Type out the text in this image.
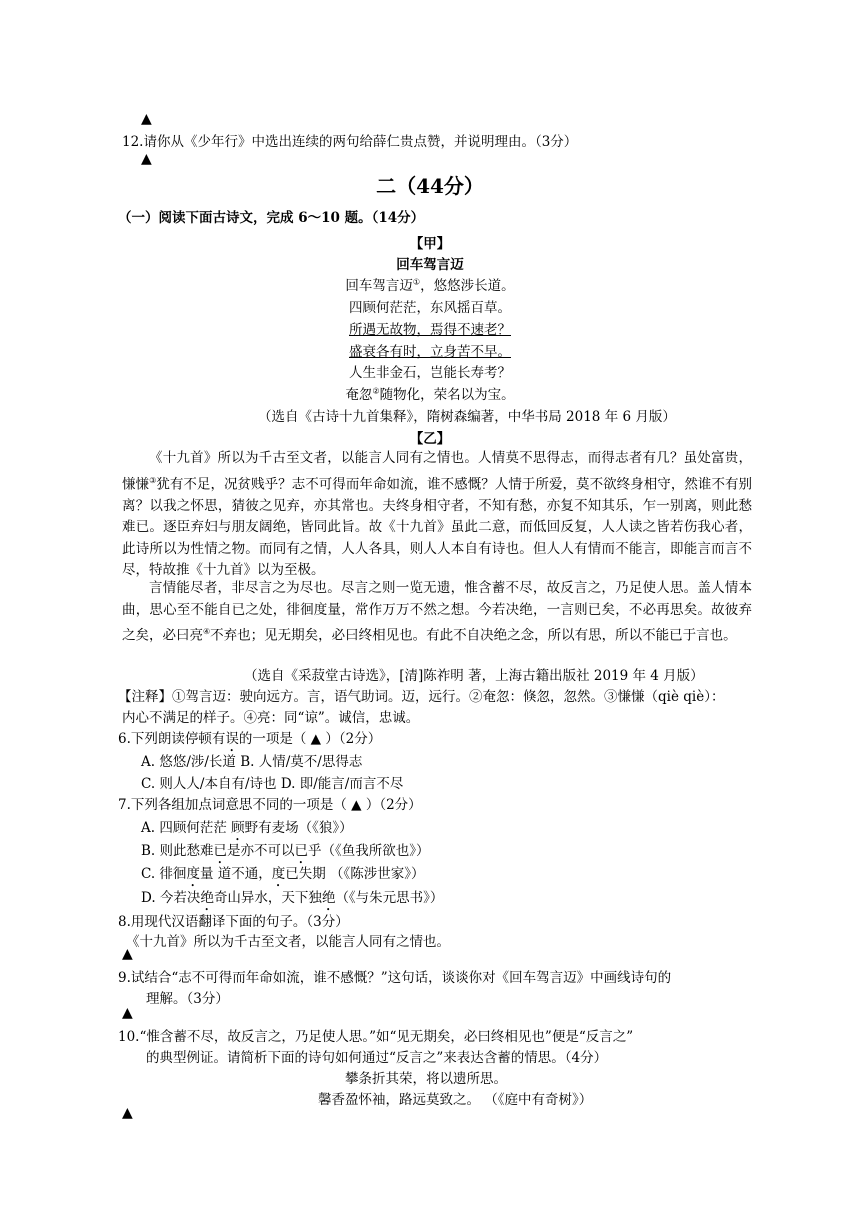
▲
12.请你从《少年行》中选出连续的两句给薛仁贵点赞，并说明理由。（3分）
▲
二（44分）
（一）阅读下面古诗文，完成 6～10 题。（14分）
【甲】
回车驾言迈
回车驾言迈①，悠悠涉长道。
四顾何茫茫，东风摇百草。
所遇无故物，焉得不速老？
盛衰各有时，立身苦不早。
人生非金石，岂能长寿考？
奄忽②随物化，荣名以为宝。
（选自《古诗十九首集释》，隋树森编著，中华书局 2018 年 6 月版）
【乙】

《十九首》所以为千古至文者，以能言人同有之情也。人情莫不思得志，而得志者有几？虽处富贵，慊慊③犹有不足，况贫贱乎？志不可得而年命如流，谁不感慨？人情于所爱，莫不欲终身相守，然谁不有别离？以我之怀思，猜彼之见弃，亦其常也。夫终身相守者，不知有愁，亦复不知其乐，乍一别离，则此愁难已。逐臣弃妇与朋友阔绝，皆同此旨。故《十九首》虽此二意，而低回反复，人人读之皆若伤我心者，此诗所以为性情之物。而同有之情，人人各具，则人人本自有诗也。但人人有情而不能言，即能言而言不尽，特故推《十九首》以为至极。

言情能尽者，非尽言之为尽也。尽言之则一览无遗，惟含蓄不尽，故反言之，乃足使人思。盖人情本曲，思心至不能自已之处，徘徊度量，常作万万不然之想。今若决绝，一言则已矣，不必再思矣。故彼弃之矣，必曰亮④不弃也；见无期矣，必曰终相见也。有此不自决绝之念，所以有思，所以不能已于言也。

（选自《采菽堂古诗选》，[清]陈祚明 著，上海古籍出版社 2019 年 4 月版）
【注释】①驾言迈：驶向远方。言，语气助词。迈，远行。②奄忽：倏忽，忽然。③慊慊（qiè qiè）：
内心不满足的样子。④亮：同“谅”。诚信，忠诚。
6.下列朗读停顿有误的一项是（ ▲ ）（2分）
A. 悠悠/涉/长道 B. 人情/莫不/思得志
C. 则人人/本自有/诗也 D. 即/能言/而言不尽
7.下列各组加点词意思不同的一项是（ ▲ ）（2分）
A. 四顾何茫茫 顾野有麦场（《狼》）
B. 则此愁难已是亦不可以已乎（《鱼我所欲也》）
C. 徘徊度量 道不通，度已失期 （《陈涉世家》）
D. 今若决绝奇山异水，天下独绝（《与朱元思书》）
8.用现代汉语翻译下面的句子。（3分）
《十九首》所以为千古至文者，以能言人同有之情也。
▲
9.试结合“志不可得而年命如流，谁不感慨？”这句话，谈谈你对《回车驾言迈》中画线诗句的
理解。（3分）
▲
10.“惟含蓄不尽，故反言之，乃足使人思。”如“见无期矣，必曰终相见也”便是“反言之”
的典型例证。请简析下面的诗句如何通过“反言之”来表达含蓄的情思。（4分）
攀条折其荣，将以遗所思。
馨香盈怀袖，路远莫致之。 （《庭中有奇树》）
▲
